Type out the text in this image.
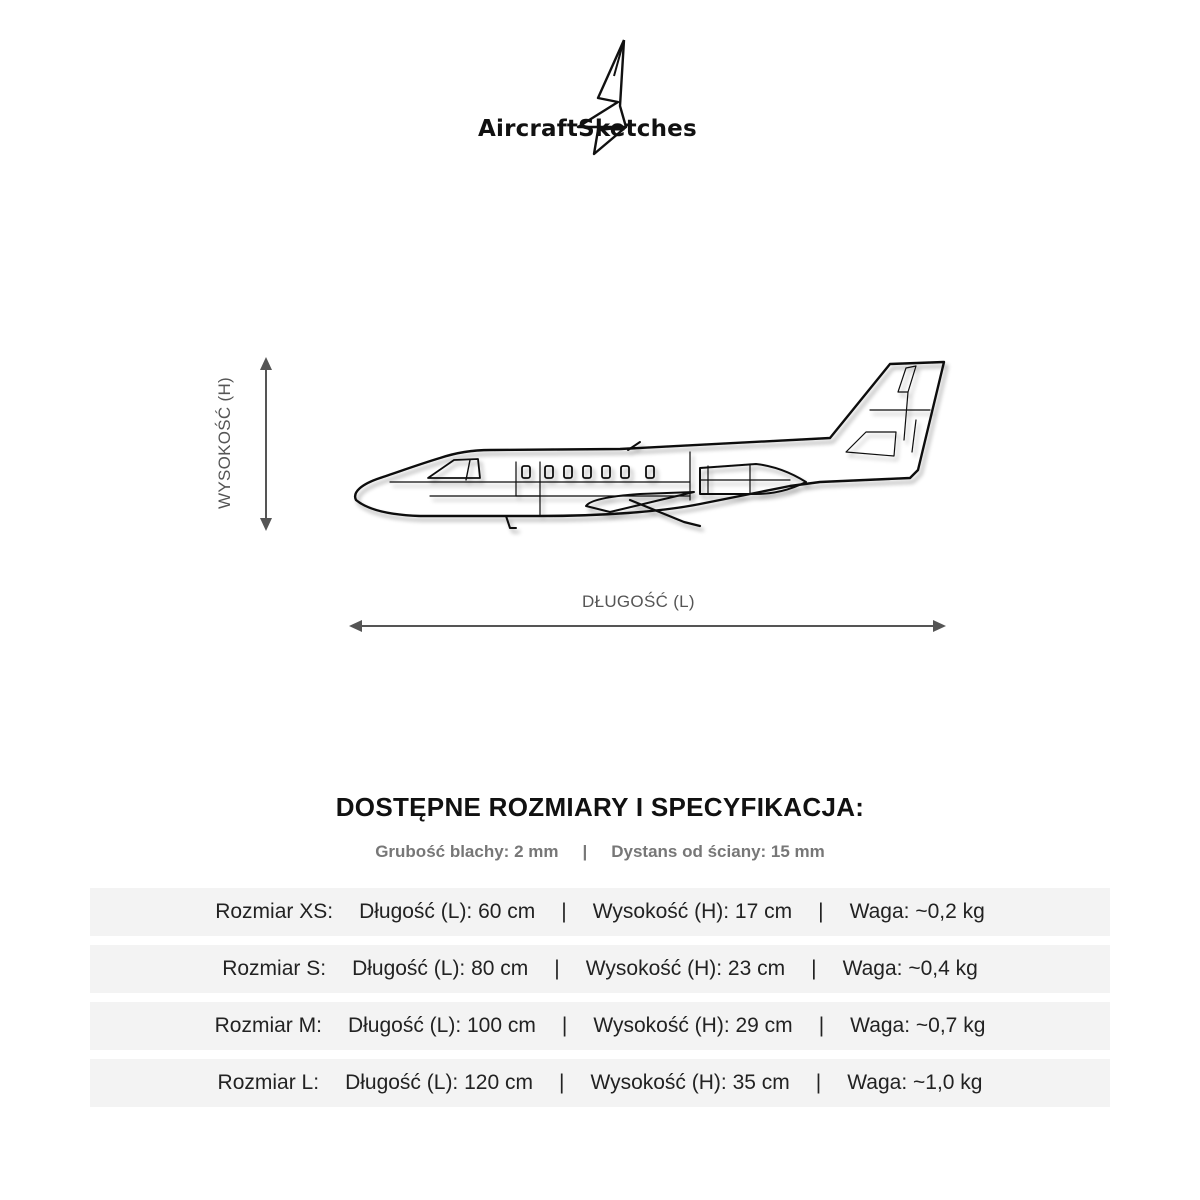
AircraftSketches
WYSOKOŚĆ (H)
DŁUGOŚĆ (L)
DOSTĘPNE ROZMIARY I SPECYFIKACJA:
Grubość blachy: 2 mm | Dystans od ściany: 15 mm
Rozmiar XS: Długość (L): 60 cm | Wysokość (H): 17 cm | Waga: ~0,2 kg
Rozmiar S: Długość (L): 80 cm | Wysokość (H): 23 cm | Waga: ~0,4 kg
Rozmiar M: Długość (L): 100 cm | Wysokość (H): 29 cm | Waga: ~0,7 kg
Rozmiar L: Długość (L): 120 cm | Wysokość (H): 35 cm | Waga: ~1,0 kg
